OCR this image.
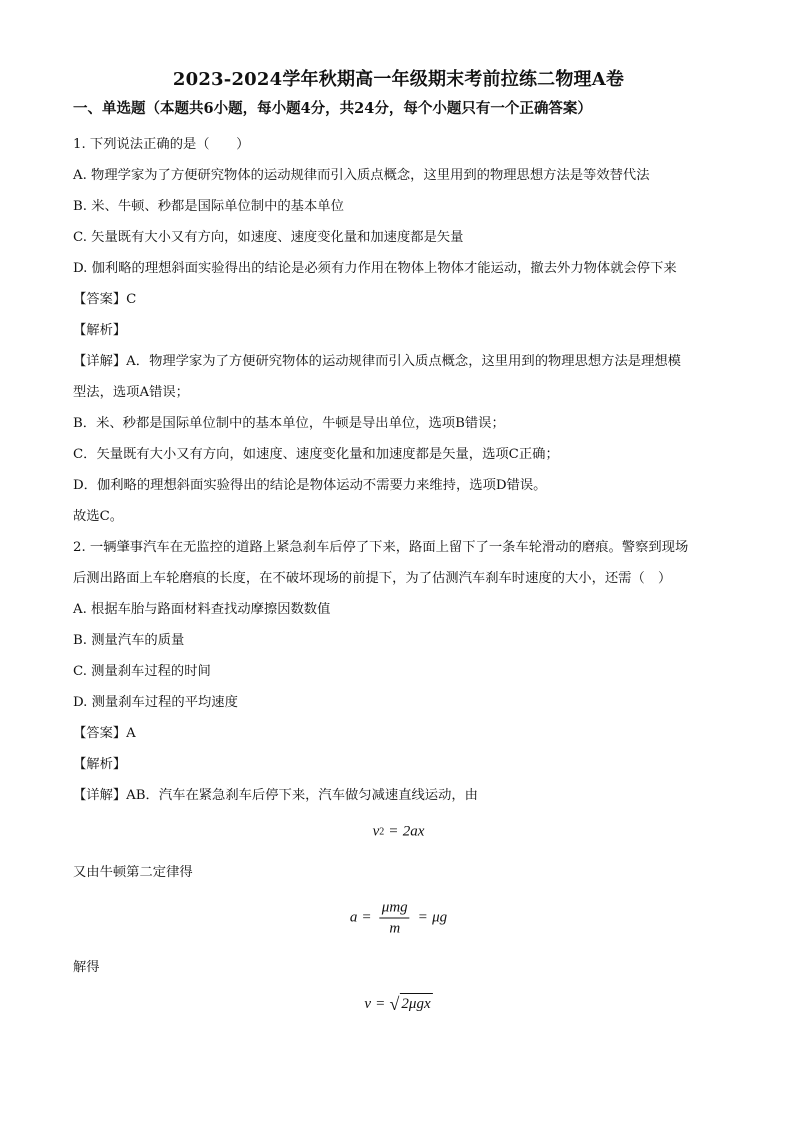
2023-2024学年秋期高一年级期末考前拉练二物理A卷
一、单选题（本题共6小题，每小题4分，共24分，每个小题只有一个正确答案）

1. 下列说法正确的是（　　）

A. 物理学家为了方便研究物体的运动规律而引入质点概念，这里用到的物理思想方法是等效替代法

B. 米、牛顿、秒都是国际单位制中的基本单位

C. 矢量既有大小又有方向，如速度、速度变化量和加速度都是矢量

D. 伽利略的理想斜面实验得出的结论是必须有力作用在物体上物体才能运动，撤去外力物体就会停下来

【答案】C

【解析】

【详解】A．物理学家为了方便研究物体的运动规律而引入质点概念，这里用到的物理思想方法是理想模

型法，选项A错误；

B．米、秒都是国际单位制中的基本单位，牛顿是导出单位，选项B错误；

C．矢量既有大小又有方向，如速度、速度变化量和加速度都是矢量，选项C正确；

D．伽利略的理想斜面实验得出的结论是物体运动不需要力来维持，选项D错误。

故选C。

2. 一辆肇事汽车在无监控的道路上紧急刹车后停了下来，路面上留下了一条车轮滑动的磨痕。警察到现场

后测出路面上车轮磨痕的长度，在不破坏现场的前提下，为了估测汽车刹车时速度的大小，还需（　）

A. 根据车胎与路面材料查找动摩擦因数数值

B. 测量汽车的质量

C. 测量刹车过程的时间

D. 测量刹车过程的平均速度

【答案】A

【解析】

【详解】AB．汽车在紧急刹车后停下来，汽车做匀减速直线运动，由

v 2 = 2ax

又由牛顿第二定律得

$a = \frac{\text{μmg}}{m} = \mu g$

解得

v = √ 2μgx
